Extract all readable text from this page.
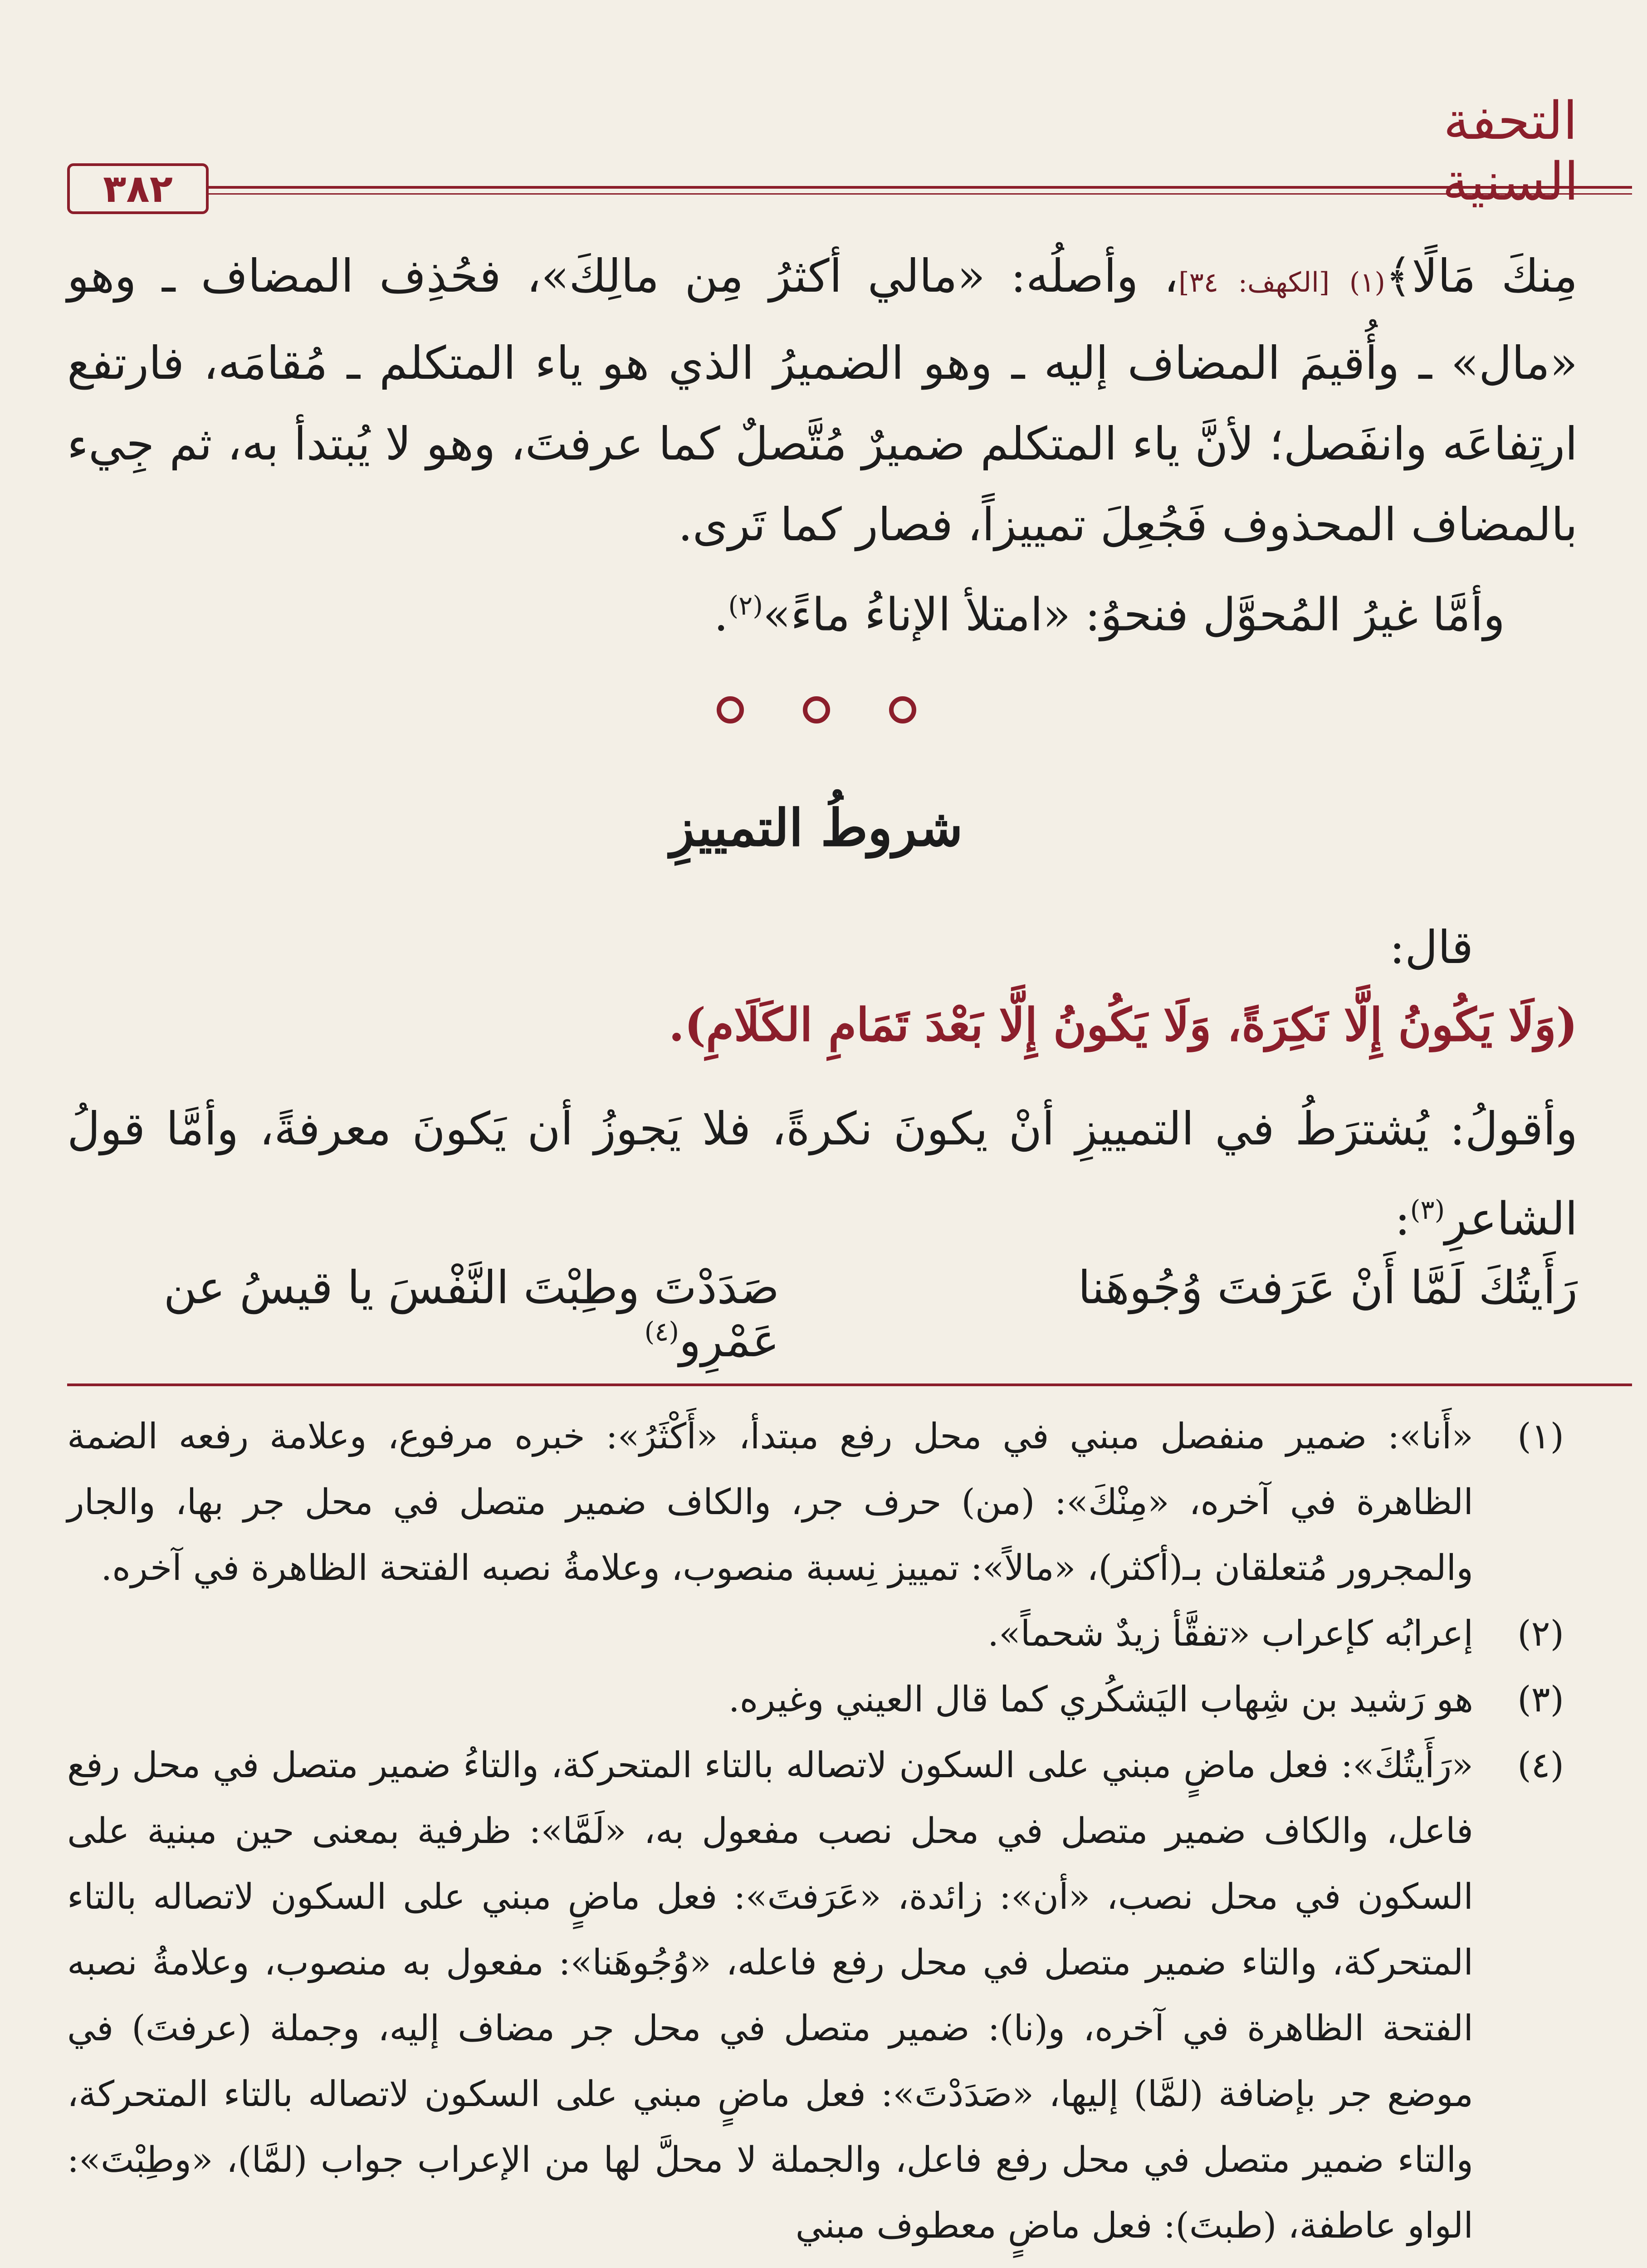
التحفة السنية
٣٨٢

مِنكَ مَالًا﴾(١) [الكهف: ٣٤]، وأصلُه: «مالي أكثرُ مِن مالِكَ»، فحُذِف المضاف ـ وهو «مال» ـ وأُقيمَ المضاف إليه ـ وهو الضميرُ الذي هو ياء المتكلم ـ مُقامَه، فارتفع ارتِفاعَه وانفَصل؛ لأنَّ ياء المتكلم ضميرٌ مُتَّصلٌ كما عرفتَ، وهو لا يُبتدأ به، ثم جِيء بالمضاف المحذوف فَجُعِلَ تمييزاً، فصار كما تَرى.

وأمَّا غيرُ المُحوَّل فنحوُ: «امتلأ الإناءُ ماءً»$^{(٢)}$.

شروطُ التمييزِ
قال:
(وَلَا يَكُونُ إِلَّا نَكِرَةً، وَلَا يَكُونُ إِلَّا بَعْدَ تَمَامِ الكَلَامِ).

وأقولُ: يُشترَطُ في التمييزِ أنْ يكونَ نكرةً، فلا يَجوزُ أن يَكونَ معرفةً، وأمَّا قولُ الشاعرِ$^{(٣)}$:

رَأَيتُكَ لَمَّا أَنْ عَرَفتَ وُجُوهَنا
صَدَدْتَ وطِبْتَ النَّفْسَ يا قيسُ عن عَمْرِو$^{(٤)}$
(١)
«أَنا»: ضمير منفصل مبني في محل رفع مبتدأ، «أَكْثَرُ»: خبره مرفوع، وعلامة رفعه الضمة الظاهرة في آخره، «مِنْكَ»: (من) حرف جر، والكاف ضمير متصل في محل جر بها، والجار والمجرور مُتعلقان بـ(أكثر)، «مالاً»: تمييز نِسبة منصوب، وعلامةُ نصبه الفتحة الظاهرة في آخره.
(٢)
إعرابُه كإعراب «تفقَّأ زيدٌ شحماً».
(٣)
هو رَشيد بن شِهاب اليَشكُري كما قال العيني وغيره.
(٤)
«رَأَيتُكَ»: فعل ماضٍ مبني على السكون لاتصاله بالتاء المتحركة، والتاءُ ضمير متصل في محل رفع فاعل، والكاف ضمير متصل في محل نصب مفعول به، «لَمَّا»: ظرفية بمعنى حين مبنية على السكون في محل نصب، «أن»: زائدة، «عَرَفتَ»: فعل ماضٍ مبني على السكون لاتصاله بالتاء المتحركة، والتاء ضمير متصل في محل رفع فاعله، «وُجُوهَنا»: مفعول به منصوب، وعلامةُ نصبه الفتحة الظاهرة في آخره، و(نا): ضمير متصل في محل جر مضاف إليه، وجملة (عرفتَ) في موضع جر بإضافة (لمَّا) إليها، «صَدَدْتَ»: فعل ماضٍ مبني على السكون لاتصاله بالتاء المتحركة، والتاء ضمير متصل في محل رفع فاعل، والجملة لا محلَّ لها من الإعراب جواب (لمَّا)، «وطِبْتَ»: الواو عاطفة، (طبتَ): فعل ماضٍ معطوف مبني
